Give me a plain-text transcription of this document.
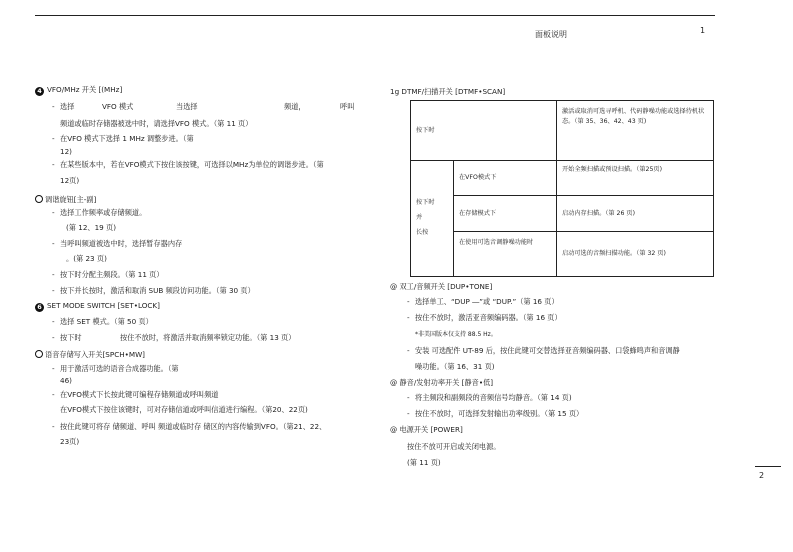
面板说明	1
2
4 VFO/MHz 开关 [(MHz]
- 选择	VFO 模式	当选择	频道，	呼叫
频道或临时存储器被选中时，请选择VFO 模式。（第 11 页）
- 在VFO 模式下选择 1 MHz 调整步进。（第
12)
- 在某些版本中，若在VFO模式下按住该按键，可选择以MHz为单位的调谐步进。（第
12页)
调谐旋钮[主-副]
- 选择工作频率或存储频道。
(第 12、19 页)
- 当呼叫频道被选中时，选择暂存器内存
。(第 23 页)
- 按下时分配主频段。（第 11 页）
- 按下并长按时，激活和取消 SUB 频段访问功能。（第 30 页）
6 SET MODE SWITCH [SET•LOCK]
- 选择 SET 模式。（第 50 页）
- 按下时	按住不放时，将激活并取消频率锁定功能。（第 13 页）
语音存储写入开关[SPCH•MW]
- 用于激活可选的语音合成器功能。（第
46)
- 在VFO模式下长按此键可编程存储频道或呼叫频道
在VFO模式下按住该键时，可对存储信道或呼叫信道进行编程。（第20、22页)
- 按住此键可将存 储频道、呼叫 频道或临时存 储区的内容传输到VFO。（第21、22、
23页)
1g DTMF/扫描开关 [DTMF•SCAN]
按下时		激活或取消可选寻呼机、代码静噪功能或选择待机状态。（第 35、36、42、43 页)
按下时
并
长按	在VFO模式下	开始全频扫描或预设扫描。（第25页)
	在存储模式下	启动内存扫描。（第 26 页)
	在使用可选音调静噪功能时	启动可选的音频扫描功能。（第 32 页)
@ 双工/音频开关 [DUP•TONE]
- 选择单工、“DUP ―”或 “DUP.”（第 16 页）
- 按住不放时，激活亚音频编码器。（第 16 页）
*非美国版本仅支持 88.5 Hz。
- 安装 可选配件 UT-89 后，按住此键可交替选择亚音频编码器、口袋蜂鸣声和音调静
噪功能。（第 16、31 页)
@ 静音/发射功率开关 [静音•低]
- 将主频段和副频段的音频信号均静音。（第 14 页)
- 按住不放时，可选择发射输出功率级别。（第 15 页）
@ 电源开关 [POWER]
按住不放可开启或关闭电源。
(第 11 页)
